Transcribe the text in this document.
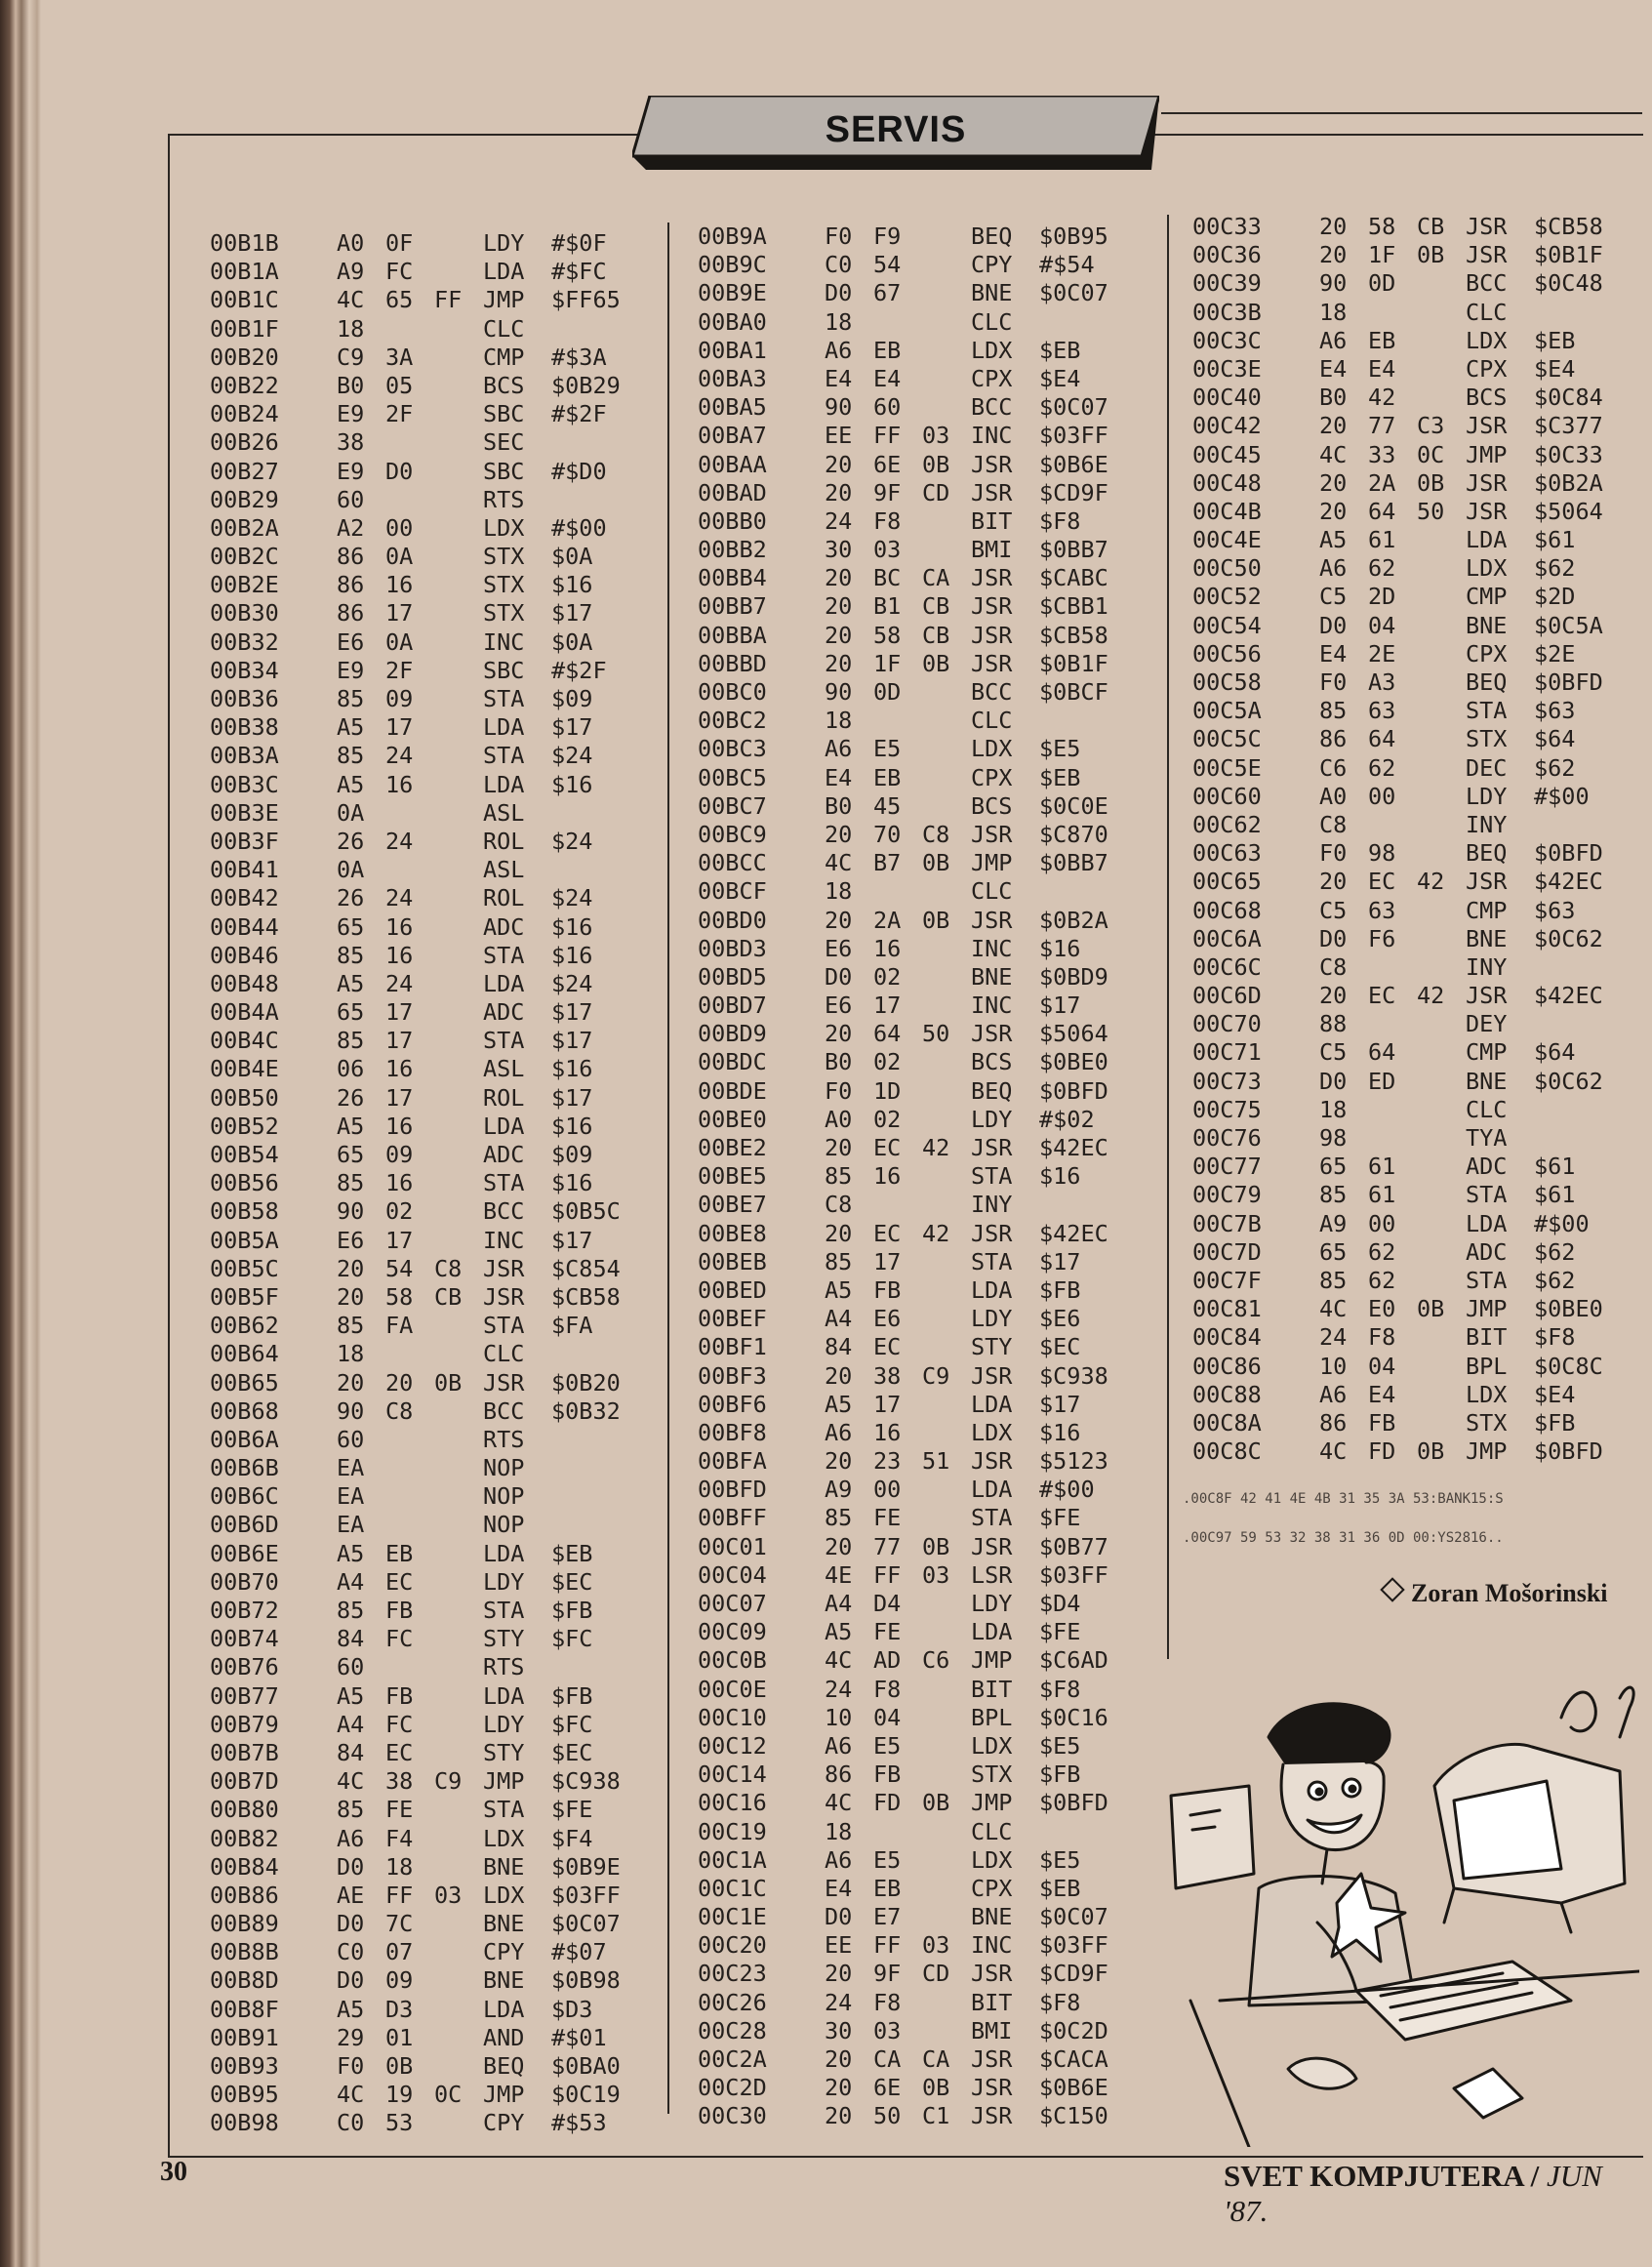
SERVIS
00B1B	A0 0F	LDY #$0F
00B1A	A9 FC	LDA #$FC
00B1C	4C 65 FF JMP $FF65
00B1F	18	CLC
00B20	C9 3A	CMP #$3A
00B22	B0 05	BCS $0B29
00B24	E9 2F	SBC #$2F
00B26	38	SEC
00B27	E9 D0	SBC #$D0
00B29	60	RTS
00B2A	A2 00	LDX #$00
00B2C	86 0A	STX $0A
00B2E	86 16	STX $16
00B30	86 17	STX $17
00B32	E6 0A	INC $0A
00B34	E9 2F	SBC #$2F
00B36	85 09	STA $09
00B38	A5 17	LDA $17
00B3A	85 24	STA $24
00B3C	A5 16	LDA $16
00B3E	0A	ASL
00B3F	26 24	ROL $24
00B41	0A	ASL
00B42	26 24	ROL $24
00B44	65 16	ADC $16
00B46	85 16	STA $16
00B48	A5 24	LDA $24
00B4A	65 17	ADC $17
00B4C	85 17	STA $17
00B4E	06 16	ASL $16
00B50	26 17	ROL $17
00B52	A5 16	LDA $16
00B54	65 09	ADC $09
00B56	85 16	STA $16
00B58	90 02	BCC $0B5C
00B5A	E6 17	INC $17
00B5C	20 54 C8 JSR $C854
00B5F	20 58 CB JSR $CB58
00B62	85 FA	STA $FA
00B64	18	CLC
00B65	20 20 0B JSR $0B20
00B68	90 C8	BCC $0B32
00B6A	60	RTS
00B6B	EA	NOP
00B6C	EA	NOP
00B6D	EA	NOP
00B6E	A5 EB	LDA $EB
00B70	A4 EC	LDY $EC
00B72	85 FB	STA $FB
00B74	84 FC	STY $FC
00B76	60	RTS
00B77	A5 FB	LDA $FB
00B79	A4 FC	LDY $FC
00B7B	84 EC	STY $EC
00B7D	4C 38 C9 JMP $C938
00B80	85 FE	STA $FE
00B82	A6 F4	LDX $F4
00B84	D0 18	BNE $0B9E
00B86	AE FF 03 LDX $03FF
00B89	D0 7C	BNE $0C07
00B8B	C0 07	CPY #$07
00B8D	D0 09	BNE $0B98
00B8F	A5 D3	LDA $D3
00B91	29 01	AND #$01
00B93	F0 0B	BEQ $0BA0
00B95	4C 19 0C JMP $0C19
00B98	C0 53	CPY #$53
00B9A	F0 F9	BEQ $0B95
00B9C	C0 54	CPY #$54
00B9E	D0 67	BNE $0C07
00BA0	18	CLC
00BA1	A6 EB	LDX $EB
00BA3	E4 E4	CPX $E4
00BA5	90 60	BCC $0C07
00BA7	EE FF 03 INC $03FF
00BAA	20 6E 0B JSR $0B6E
00BAD	20 9F CD JSR $CD9F
00BB0	24 F8	BIT $F8
00BB2	30 03	BMI $0BB7
00BB4	20 BC CA JSR $CABC
00BB7	20 B1 CB JSR $CBB1
00BBA	20 58 CB JSR $CB58
00BBD	20 1F 0B JSR $0B1F
00BC0	90 0D	BCC $0BCF
00BC2	18	CLC
00BC3	A6 E5	LDX $E5
00BC5	E4 EB	CPX $EB
00BC7	B0 45	BCS $0C0E
00BC9	20 70 C8 JSR $C870
00BCC	4C B7 0B JMP $0BB7
00BCF	18	CLC
00BD0	20 2A 0B JSR $0B2A
00BD3	E6 16	INC $16
00BD5	D0 02	BNE $0BD9
00BD7	E6 17	INC $17
00BD9	20 64 50 JSR $5064
00BDC	B0 02	BCS $0BE0
00BDE	F0 1D	BEQ $0BFD
00BE0	A0 02	LDY #$02
00BE2	20 EC 42 JSR $42EC
00BE5	85 16	STA $16
00BE7	C8	INY
00BE8	20 EC 42 JSR $42EC
00BEB	85 17	STA $17
00BED	A5 FB	LDA $FB
00BEF	A4 E6	LDY $E6
00BF1	84 EC	STY $EC
00BF3	20 38 C9 JSR $C938
00BF6	A5 17	LDA $17
00BF8	A6 16	LDX $16
00BFA	20 23 51 JSR $5123
00BFD	A9 00	LDA #$00
00BFF	85 FE	STA $FE
00C01	20 77 0B JSR $0B77
00C04	4E FF 03 LSR $03FF
00C07	A4 D4	LDY $D4
00C09	A5 FE	LDA $FE
00C0B	4C AD C6 JMP $C6AD
00C0E	24 F8	BIT $F8
00C10	10 04	BPL $0C16
00C12	A6 E5	LDX $E5
00C14	86 FB	STX $FB
00C16	4C FD 0B JMP $0BFD
00C19	18	CLC
00C1A	A6 E5	LDX $E5
00C1C	E4 EB	CPX $EB
00C1E	D0 E7	BNE $0C07
00C20	EE FF 03 INC $03FF
00C23	20 9F CD JSR $CD9F
00C26	24 F8	BIT $F8
00C28	30 03	BMI $0C2D
00C2A	20 CA CA JSR $CACA
00C2D	20 6E 0B JSR $0B6E
00C30	20 50 C1 JSR $C150
00C33	20 58 CB JSR $CB58
00C36	20 1F 0B JSR $0B1F
00C39	90 0D	BCC $0C48
00C3B	18	CLC
00C3C	A6 EB	LDX $EB
00C3E	E4 E4	CPX $E4
00C40	B0 42	BCS $0C84
00C42	20 77 C3 JSR $C377
00C45	4C 33 0C JMP $0C33
00C48	20 2A 0B JSR $0B2A
00C4B	20 64 50 JSR $5064
00C4E	A5 61	LDA $61
00C50	A6 62	LDX $62
00C52	C5 2D	CMP $2D
00C54	D0 04	BNE $0C5A
00C56	E4 2E	CPX $2E
00C58	F0 A3	BEQ $0BFD
00C5A	85 63	STA $63
00C5C	86 64	STX $64
00C5E	C6 62	DEC $62
00C60	A0 00	LDY #$00
00C62	C8	INY
00C63	F0 98	BEQ $0BFD
00C65	20 EC 42 JSR $42EC
00C68	C5 63	CMP $63
00C6A	D0 F6	BNE $0C62
00C6C	C8	INY
00C6D	20 EC 42 JSR $42EC
00C70	88	DEY
00C71	C5 64	CMP $64
00C73	D0 ED	BNE $0C62
00C75	18	CLC
00C76	98	TYA
00C77	65 61	ADC $61
00C79	85 61	STA $61
00C7B	A9 00	LDA #$00
00C7D	65 62	ADC $62
00C7F	85 62	STA $62
00C81	4C E0 0B JMP $0BE0
00C84	24 F8	BIT $F8
00C86	10 04	BPL $0C8C
00C88	A6 E4	LDX $E4
00C8A	86 FB	STX $FB
00C8C	4C FD 0B JMP $0BFD
.00C8F 42 41 4E 4B 31 35 3A 53:BANK15:S
.00C97 59 53 32 38 31 36 0D 00:YS2816..
Zoran Mošorinski
30	SVET KOMPJUTERA / JUN '87.
